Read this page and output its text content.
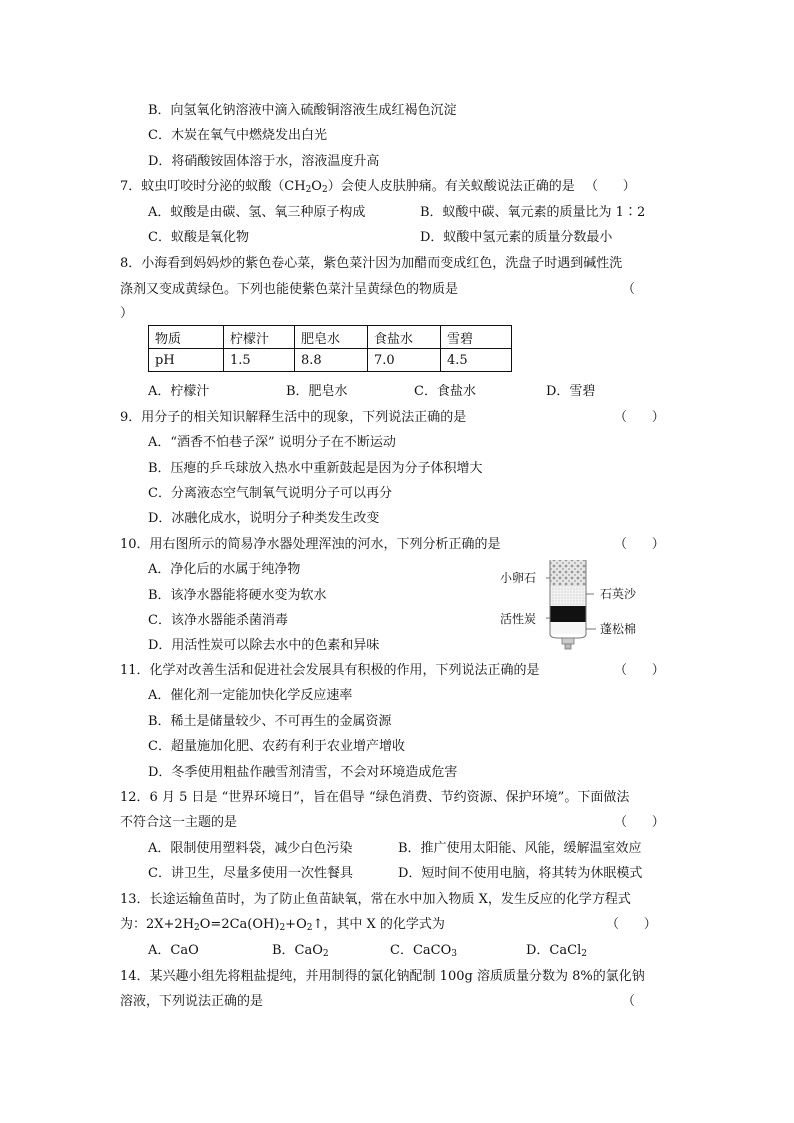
B．向氢氧化钠溶液中滴入硫酸铜溶液生成红褐色沉淀
C．木炭在氧气中燃烧发出白光
D．将硝酸铵固体溶于水，溶液温度升高
7．蚊虫叮咬时分泌的蚁酸$(CH_2O_2)$会使人皮肤肿痛。有关蚁酸说法正确的是 （      ）
A．蚁酸是由碳、氢、氧三种原子构成	B．蚁酸中碳、氧元素的质量比为 1∶2
C．蚁酸是氧化物	D．蚁酸中氢元素的质量分数最小
8．小海看到妈妈炒的紫色卷心菜，紫色菜汁因为加醋而变成红色，洗盘子时遇到碱性洗
涤剂又变成黄绿色。下列也能使紫色菜汁呈黄绿色的物质是	（
）
物质	柠檬汁	肥皂水	食盐水	雪碧
pH	1.5	8.8	7.0	4.5
A．柠檬汁	B．肥皂水	C．食盐水	D．雪碧
9．用分子的相关知识解释生活中的现象，下列说法正确的是	（      ）
A．“酒香不怕巷子深” 说明分子在不断运动
B．压瘪的乒乓球放入热水中重新鼓起是因为分子体积增大
C．分离液态空气制氧气说明分子可以再分
D．冰融化成水，说明分子种类发生改变
10．用右图所示的简易净水器处理浑浊的河水，下列分析正确的是	（      ）
A．净化后的水属于纯净物
B．该净水器能将硬水变为软水
C．该净水器能杀菌消毒
D．用活性炭可以除去水中的色素和异味
小卵石
石英沙
活性炭
蓬松棉
11．化学对改善生活和促进社会发展具有积极的作用，下列说法正确的是	（      ）
A．催化剂一定能加快化学反应速率
B．稀土是储量较少、不可再生的金属资源
C．超量施加化肥、农药有利于农业增产增收
D．冬季使用粗盐作融雪剂清雪，不会对环境造成危害
12．6 月 5 日是 “世界环境日”，旨在倡导 “绿色消费、节约资源、保护环境”。下面做法
不符合这一主题的是	（      ）
A．限制使用塑料袋，减少白色污染	B．推广使用太阳能、风能，缓解温室效应
C．讲卫生，尽量多使用一次性餐具	D．短时间不使用电脑，将其转为休眠模式
13．长途运输鱼苗时，为了防止鱼苗缺氧，常在水中加入物质 X，发生反应的化学方程式
为：$2X+2H_2O=2Ca(OH)_2+O_2↑$，其中 X 的化学式为	（      ）
A．CaO	B．CaO$_2$	C．CaCO$_3$	D．CaCl$_2$
14．某兴趣小组先将粗盐提纯，并用制得的氯化钠配制 100g 溶质质量分数为 8%的氯化钠
溶液，下列说法正确的是	（
